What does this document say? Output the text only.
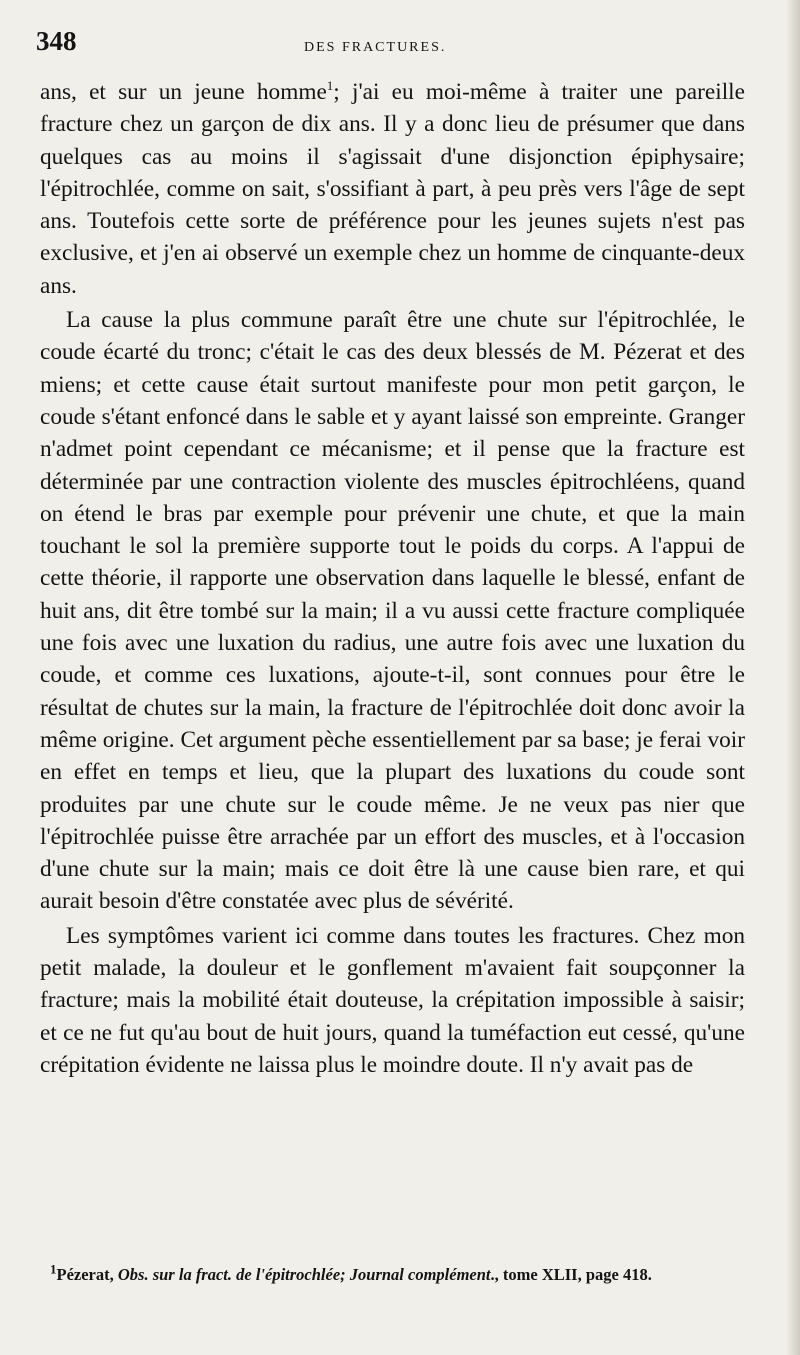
348	DES FRACTURES.

ans, et sur un jeune homme$^1$; j'ai eu moi-même à traiter une pareille fracture chez un garçon de dix ans. Il y a donc lieu de présumer que dans quelques cas au moins il s'agissait d'une disjonction épiphysaire; l'épitrochlée, comme on sait, s'ossifiant à part, à peu près vers l'âge de sept ans. Toutefois cette sorte de préférence pour les jeunes sujets n'est pas exclusive, et j'en ai observé un exemple chez un homme de cinquante-deux ans.

La cause la plus commune paraît être une chute sur l'épitrochlée, le coude écarté du tronc; c'était le cas des deux blessés de M. Pézerat et des miens; et cette cause était surtout manifeste pour mon petit garçon, le coude s'étant enfoncé dans le sable et y ayant laissé son empreinte. Granger n'admet point cependant ce mécanisme; et il pense que la fracture est déterminée par une contraction violente des muscles épitrochléens, quand on étend le bras par exemple pour prévenir une chute, et que la main touchant le sol la première supporte tout le poids du corps. A l'appui de cette théorie, il rapporte une observation dans laquelle le blessé, enfant de huit ans, dit être tombé sur la main; il a vu aussi cette fracture compliquée une fois avec une luxation du radius, une autre fois avec une luxation du coude, et comme ces luxations, ajoute-t-il, sont connues pour être le résultat de chutes sur la main, la fracture de l'épitrochlée doit donc avoir la même origine. Cet argument pèche essentiellement par sa base; je ferai voir en effet en temps et lieu, que la plupart des luxations du coude sont produites par une chute sur le coude même. Je ne veux pas nier que l'épitrochlée puisse être arrachée par un effort des muscles, et à l'occasion d'une chute sur la main; mais ce doit être là une cause bien rare, et qui aurait besoin d'être constatée avec plus de sévérité.

Les symptômes varient ici comme dans toutes les fractures. Chez mon petit malade, la douleur et le gonflement m'avaient fait soupçonner la fracture; mais la mobilité était douteuse, la crépitation impossible à saisir; et ce ne fut qu'au bout de huit jours, quand la tuméfaction eut cessé, qu'une crépitation évidente ne laissa plus le moindre doute. Il n'y avait pas de

$^1$Pézerat, Obs. sur la fract. de l'épitrochlée; Journal complément., tome XLII, page 418.
